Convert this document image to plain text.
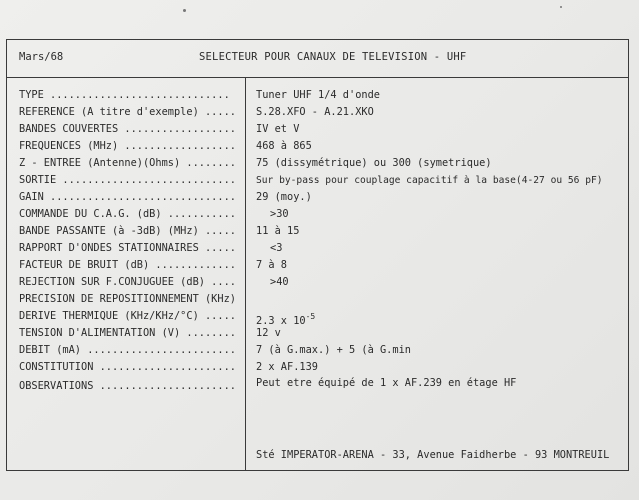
Mars/68	SELECTEUR POUR CANAUX DE TELEVISION - UHF
TYPE .............................
REFERENCE (A titre d'exemple) .....
BANDES COUVERTES ..................
FREQUENCES (MHz) ..................
Z - ENTREE (Antenne)(Ohms) ........
SORTIE ............................
GAIN ..............................
COMMANDE DU C.A.G. (dB) ...........
BANDE PASSANTE (à -3dB) (MHz) .....
RAPPORT D'ONDES STATIONNAIRES .....
FACTEUR DE BRUIT (dB) .............
REJECTION SUR F.CONJUGUEE (dB) ....
PRECISION DE REPOSITIONNEMENT (KHz)
DERIVE THERMIQUE (KHz/KHz/°C) .....
TENSION D'ALIMENTATION (V) ........
DEBIT (mA) ........................
CONSTITUTION ......................
Tuner UHF 1/4 d'onde
S.28.XFO - A.21.XKO
IV et V
468 à 865
75 (dissymétrique) ou 300 (symetrique)
Sur by-pass pour couplage capacitif à la base(4-27 ou 56 pF)
29 (moy.)
>30
11 à 15
<3
7 à 8
>40
2.3 x $10^{-5}$
12 v
7 (à G.max.) + 5 (à G.min
2 x AF.139
OBSERVATIONS ...................... Peut etre équipé de 1 x AF.239 en étage HF
Sté IMPERATOR-ARENA - 33, Avenue Faidherbe - 93 MONTREUIL
